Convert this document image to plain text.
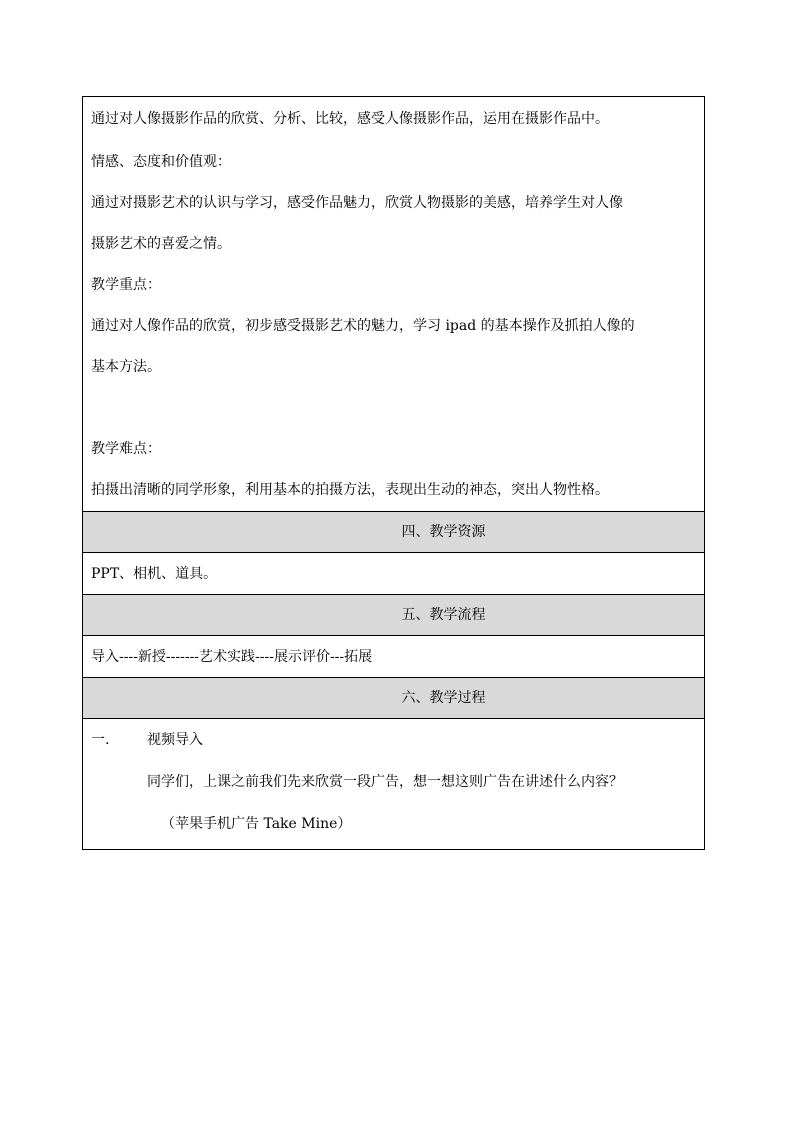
通过对人像摄影作品的欣赏、分析、比较，感受人像摄影作品，运用在摄影作品中。
情感、态度和价值观：
通过对摄影艺术的认识与学习，感受作品魅力，欣赏人物摄影的美感，培养学生对人像
摄影艺术的喜爱之情。
教学重点：
通过对人像作品的欣赏，初步感受摄影艺术的魅力，学习 ipad 的基本操作及抓拍人像的
基本方法。
教学难点：
拍摄出清晰的同学形象，利用基本的拍摄方法，表现出生动的神态，突出人物性格。
四、教学资源
PPT、相机、道具。
五、教学流程
导入----新授-------艺术实践----展示评价---拓展
六、教学过程
一.	视频导入
同学们，上课之前我们先来欣赏一段广告，想一想这则广告在讲述什么内容？
（苹果手机广告 Take Mine）
